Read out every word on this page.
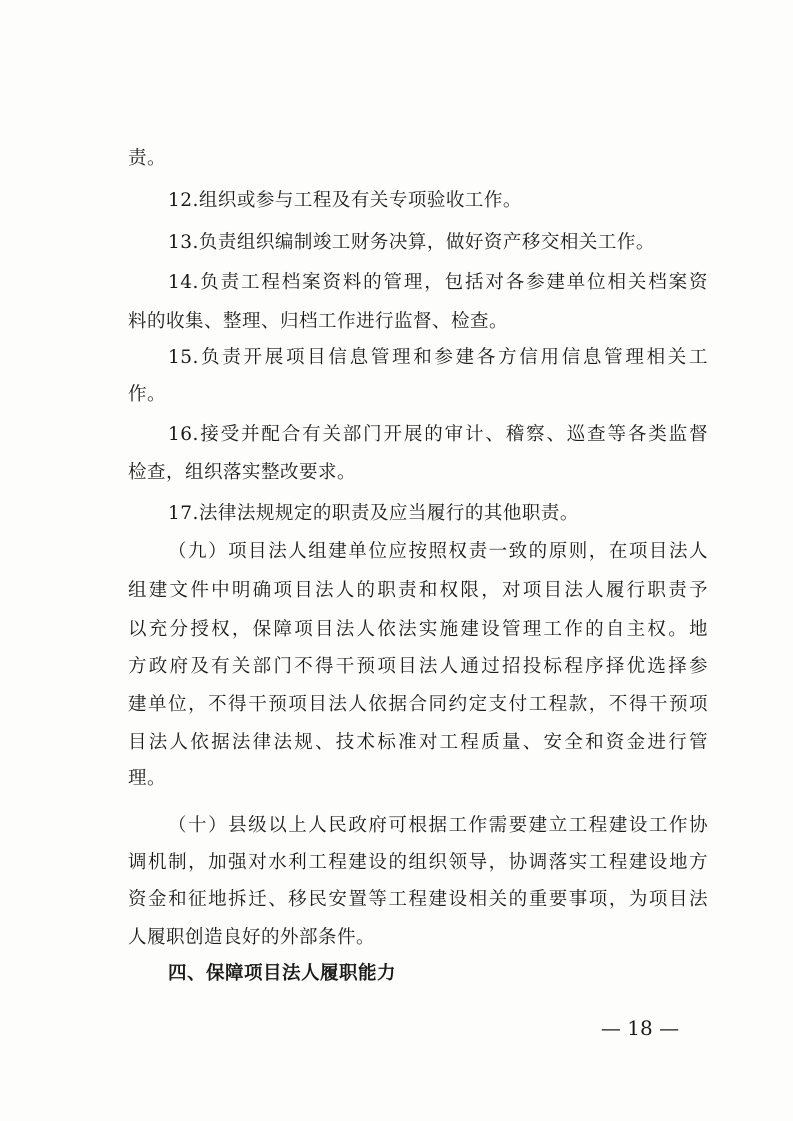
责。
12.组织或参与工程及有关专项验收工作。
13.负责组织编制竣工财务决算，做好资产移交相关工作。
14.负责工程档案资料的管理，包括对各参建单位相关档案资
料的收集、整理、归档工作进行监督、检查。
15.负责开展项目信息管理和参建各方信用信息管理相关工
作。
16.接受并配合有关部门开展的审计、稽察、巡查等各类监督
检查，组织落实整改要求。
17.法律法规规定的职责及应当履行的其他职责。
（九）项目法人组建单位应按照权责一致的原则，在项目法人
组建文件中明确项目法人的职责和权限，对项目法人履行职责予
以充分授权，保障项目法人依法实施建设管理工作的自主权。地
方政府及有关部门不得干预项目法人通过招投标程序择优选择参
建单位，不得干预项目法人依据合同约定支付工程款，不得干预项
目法人依据法律法规、技术标准对工程质量、安全和资金进行管
理。
（十）县级以上人民政府可根据工作需要建立工程建设工作协
调机制，加强对水利工程建设的组织领导，协调落实工程建设地方
资金和征地拆迁、移民安置等工程建设相关的重要事项，为项目法
人履职创造良好的外部条件。
四、保障项目法人履职能力
— 18 —
